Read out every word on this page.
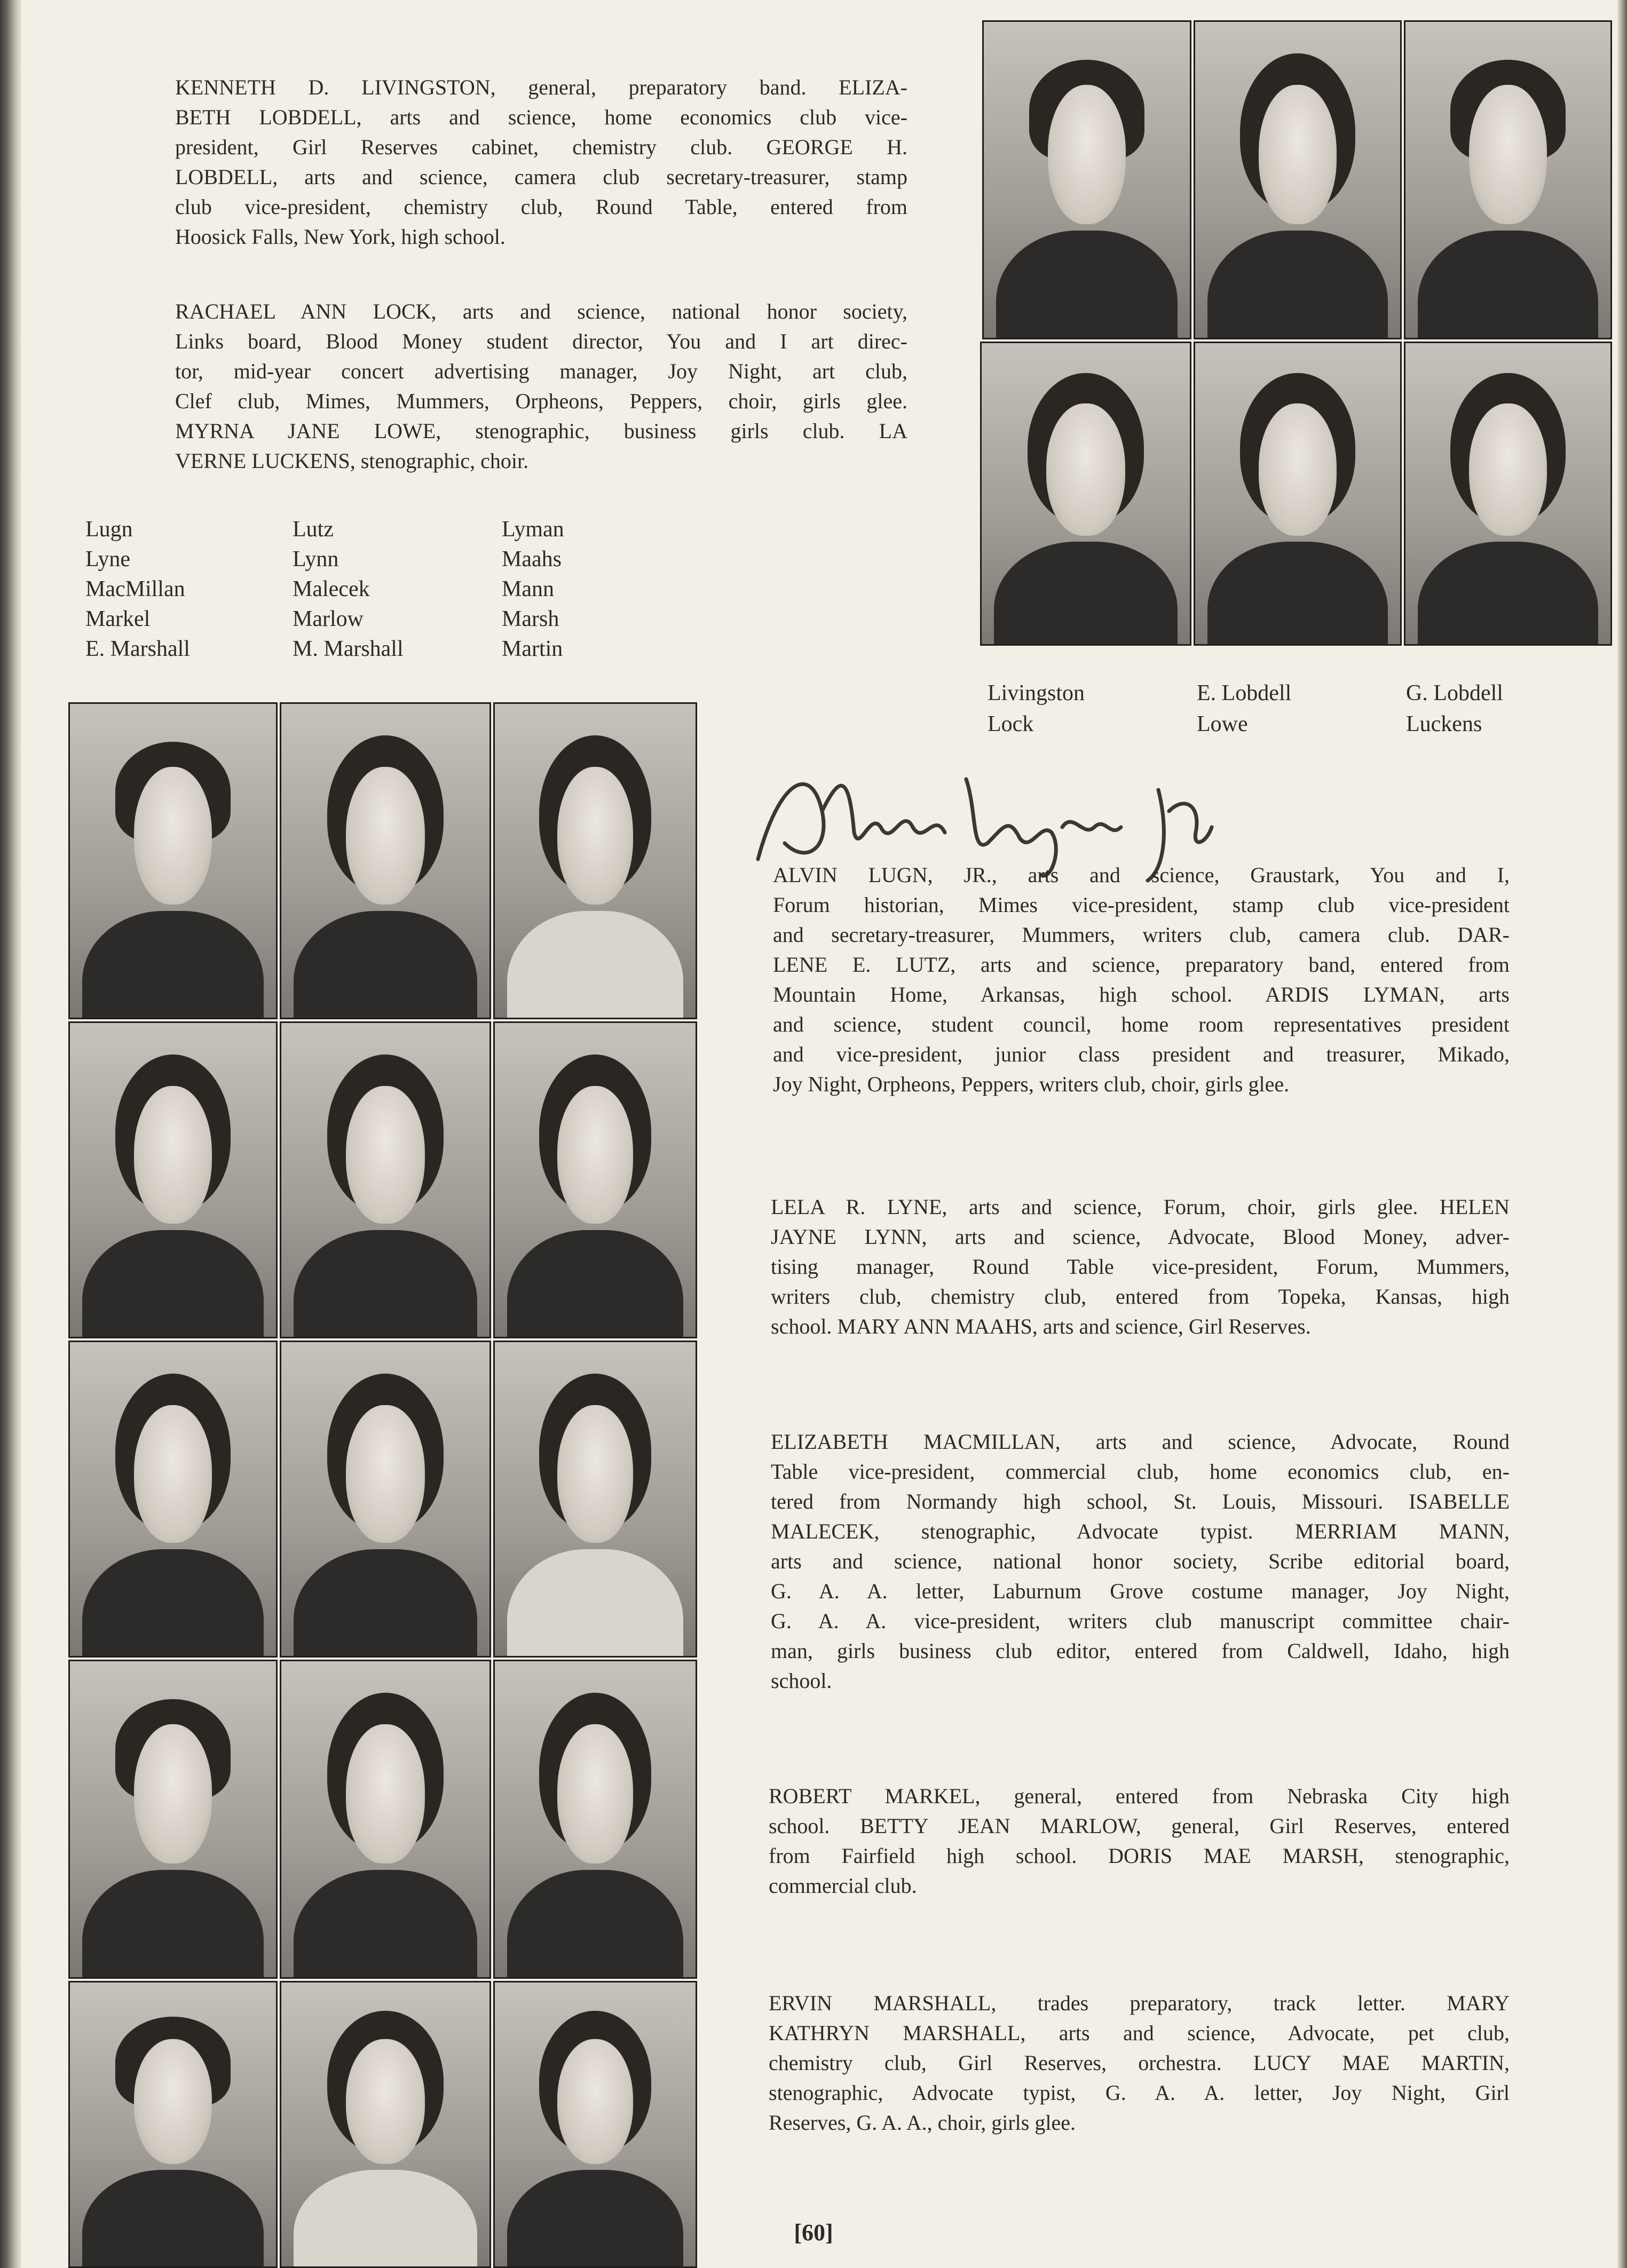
KENNETH D. LIVINGSTON, general, preparatory band. ELIZA-
BETH LOBDELL, arts and science, home economics club vice-
president, Girl Reserves cabinet, chemistry club. GEORGE H.
LOBDELL, arts and science, camera club secretary-treasurer, stamp
club vice-president, chemistry club, Round Table, entered from
Hoosick Falls, New York, high school.
RACHAEL ANN LOCK, arts and science, national honor society,
Links board, Blood Money student director, You and I art direc-
tor, mid-year concert advertising manager, Joy Night, art club,
Clef club, Mimes, Mummers, Orpheons, Peppers, choir, girls glee.
MYRNA JANE LOWE, stenographic, business girls club. LA
VERNE LUCKENS, stenographic, choir.
Lugn
Lyne
MacMillan
Markel
E. Marshall
Lutz
Lynn
Malecek
Marlow
M. Marshall
Lyman
Maahs
Mann
Marsh
Martin
Livingston
Lock
E. Lobdell
Lowe
G. Lobdell
Luckens
ALVIN LUGN, JR., arts and science, Graustark, You and I,
Forum historian, Mimes vice-president, stamp club vice-president
and secretary-treasurer, Mummers, writers club, camera club. DAR-
LENE E. LUTZ, arts and science, preparatory band, entered from
Mountain Home, Arkansas, high school. ARDIS LYMAN, arts
and science, student council, home room representatives president
and vice-president, junior class president and treasurer, Mikado,
Joy Night, Orpheons, Peppers, writers club, choir, girls glee.
LELA R. LYNE, arts and science, Forum, choir, girls glee. HELEN
JAYNE LYNN, arts and science, Advocate, Blood Money, adver-
tising manager, Round Table vice-president, Forum, Mummers,
writers club, chemistry club, entered from Topeka, Kansas, high
school. MARY ANN MAAHS, arts and science, Girl Reserves.
ELIZABETH MACMILLAN, arts and science, Advocate, Round
Table vice-president, commercial club, home economics club, en-
tered from Normandy high school, St. Louis, Missouri. ISABELLE
MALECEK, stenographic, Advocate typist. MERRIAM MANN,
arts and science, national honor society, Scribe editorial board,
G. A. A. letter, Laburnum Grove costume manager, Joy Night,
G. A. A. vice-president, writers club manuscript committee chair-
man, girls business club editor, entered from Caldwell, Idaho, high
school.
ROBERT MARKEL, general, entered from Nebraska City high
school. BETTY JEAN MARLOW, general, Girl Reserves, entered
from Fairfield high school. DORIS MAE MARSH, stenographic,
commercial club.
ERVIN MARSHALL, trades preparatory, track letter. MARY
KATHRYN MARSHALL, arts and science, Advocate, pet club,
chemistry club, Girl Reserves, orchestra. LUCY MAE MARTIN,
stenographic, Advocate typist, G. A. A. letter, Joy Night, Girl
Reserves, G. A. A., choir, girls glee.
[60]
